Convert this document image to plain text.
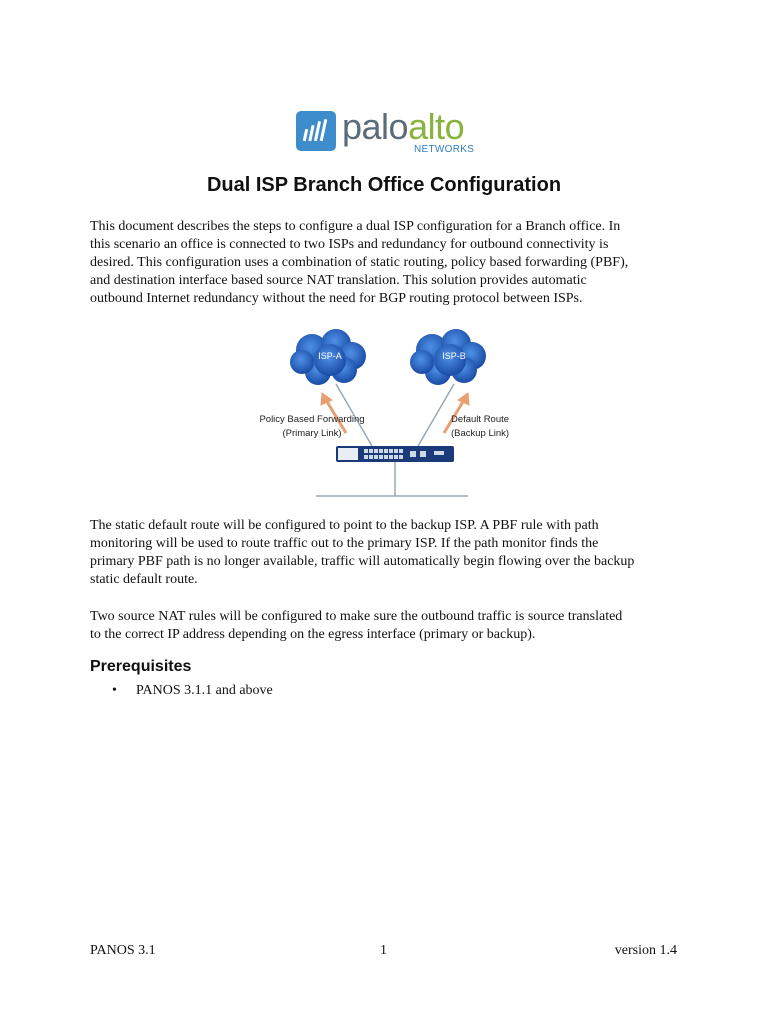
paloalto
NETWORKS
Dual ISP Branch Office Configuration

This document describes the steps to configure a dual ISP configuration for a Branch office. In
this scenario an office is connected to two ISPs and redundancy for outbound connectivity is
desired. This configuration uses a combination of static routing, policy based forwarding (PBF),
and destination interface based source NAT translation. This solution provides automatic
outbound Internet redundancy without the need for BGP routing protocol between ISPs.

ISP-A	ISP-B
Policy Based Forwarding
(Primary Link)
Default Route
(Backup Link)

The static default route will be configured to point to the backup ISP. A PBF rule with path
monitoring will be used to route traffic out to the primary ISP. If the path monitor finds the
primary PBF path is no longer available, traffic will automatically begin flowing over the backup
static default route.

Two source NAT rules will be configured to make sure the outbound traffic is source translated
to the correct IP address depending on the egress interface (primary or backup).

Prerequisites
• PANOS 3.1.1 and above
PANOS 3.1	1	version 1.4
